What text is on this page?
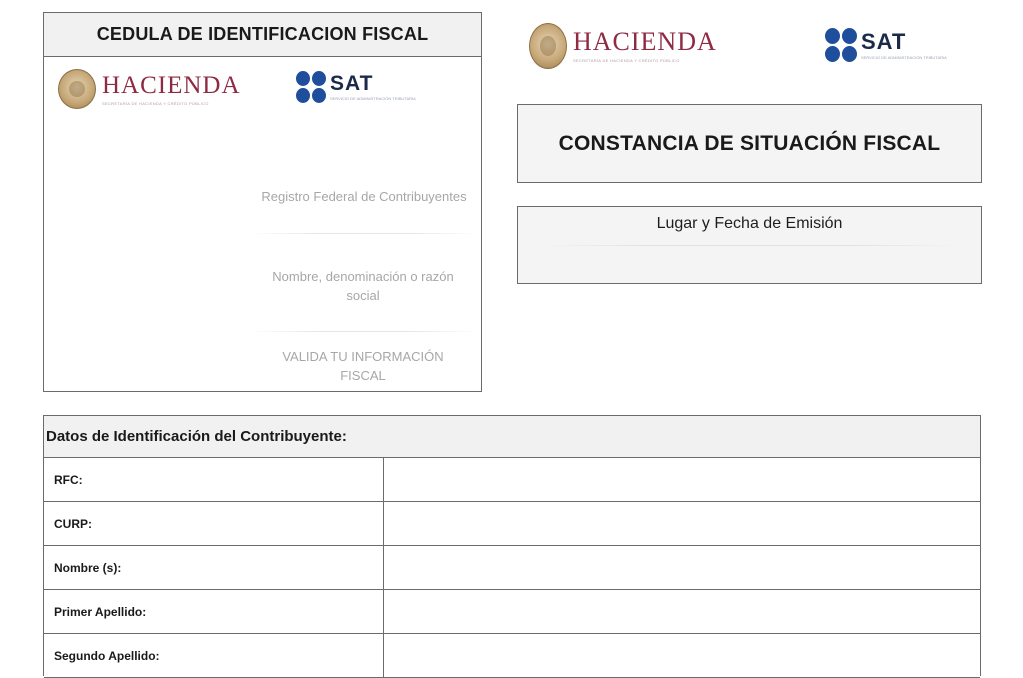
CEDULA DE IDENTIFICACION FISCAL
HACIENDA
SECRETARÍA DE HACIENDA Y CRÉDITO PÚBLICO
SAT
SERVICIO DE ADMINISTRACIÓN TRIBUTARIA
Registro Federal de Contribuyentes
Nombre, denominación o razón social
VALIDA TU INFORMACIÓN FISCAL
HACIENDA
SECRETARÍA DE HACIENDA Y CRÉDITO PÚBLICO
SAT
SERVICIO DE ADMINISTRACIÓN TRIBUTARIA
CONSTANCIA DE SITUACIÓN FISCAL
Lugar y Fecha de Emisión
Datos de Identificación del Contribuyente:
RFC:
CURP:
Nombre (s):
Primer Apellido:
Segundo Apellido:
